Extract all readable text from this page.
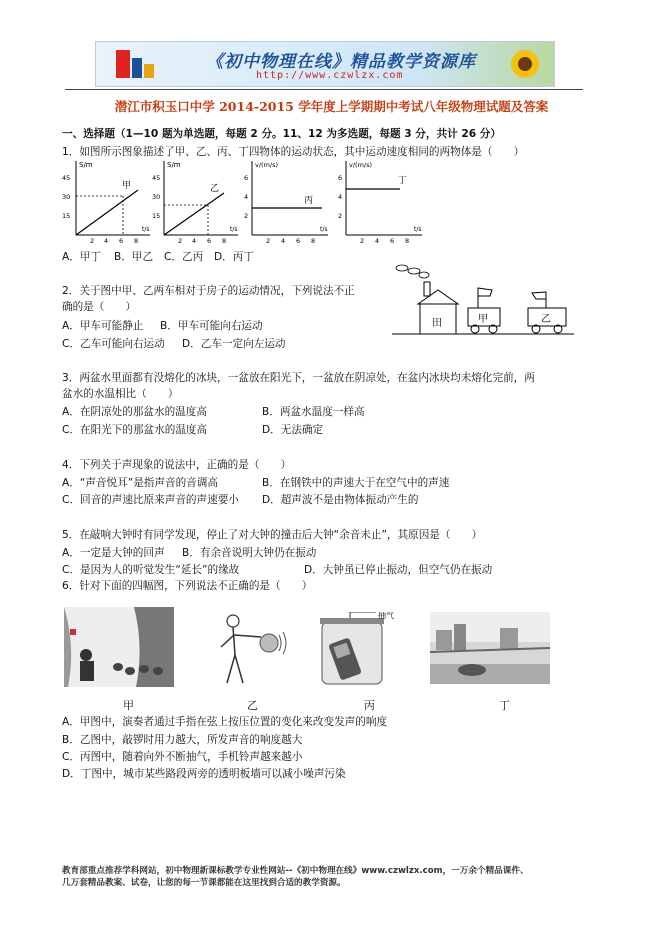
《初中物理在线》精品教学资源库
http://www.czwlzx.com
潜江市积玉口中学 2014-2015 学年度上学期期中考试八年级物理试题及答案
一、选择题（1—10 题为单选题，每题 2 分。11、12 为多选题，每题 3 分，共计 26 分）
1．如图所示图象描述了甲、乙、丙、丁四物体的运动状态，其中运动速度相同的两物体是（　　）
S/m
t/s
45
30
15
2 4 6 8
甲
S/m
t/s
45
30
15
2 4 6 8
乙
v/(m/s)
t/s
6
4
2
2 4 6 8
丙
v/(m/s)
t/s
6
4
2
2 4 6 8
丁
A．甲丁 B．甲乙 C．乙丙 D．丙丁
2．关于图中甲、乙两车相对于房子的运动情况，下列说法不正
确的是（　　）
A．甲车可能静止 B．甲车可能向右运动
C．乙车可能向右运动 D．乙车一定向左运动
田	甲	乙
3．两盆水里面都有没熔化的冰块，一盆放在阳光下，一盆放在阴凉处，在盆内冰块均未熔化完前，两
盆水的水温相比（　　）
A．在阴凉处的那盆水的温度高	B．两盆水温度一样高
C．在阳光下的那盆水的温度高	D．无法确定
4．下列关于声现象的说法中，正确的是（　　）
A．“声音悦耳”是指声音的音调高	B．在钢铁中的声速大于在空气中的声速
C．回音的声速比原来声音的声速要小 D．超声波不是由物体振动产生的
5．在敲响大钟时有同学发现，停止了对大钟的撞击后大钟“余音未止”，其原因是（　　）
A．一定是大钟的回声 B．有余音说明大钟仍在振动
C．是因为人的听觉发生“延长”的缘故	D．大钟虽已停止振动，但空气仍在振动
6．针对下面的四幅图，下列说法不正确的是（　　）
抽气
甲	乙	丙	丁
A．甲图中，演奏者通过手指在弦上按压位置的变化来改变发声的响度
B．乙图中，敲锣时用力越大，所发声音的响度越大
C．丙图中，随着向外不断抽气，手机铃声越来越小
D．丁图中，城市某些路段两旁的透明板墙可以减小噪声污染
教育部重点推荐学科网站，初中物理新课标教学专业性网站--《初中物理在线》www.czwlzx.com，一万余个精品课件、
几万套精品教案、试卷，让您的每一节课都能在这里找到合适的教学资源。
